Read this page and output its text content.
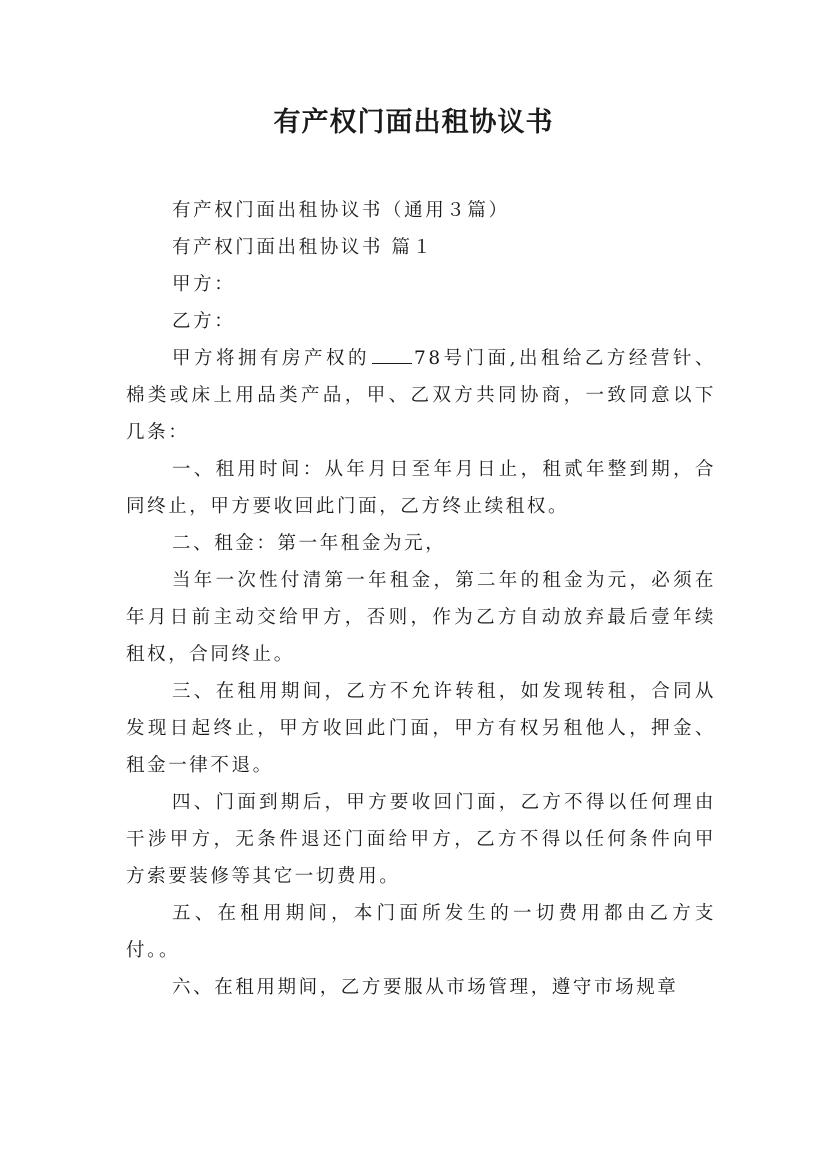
有产权门面出租协议书

有产权门面出租协议书（通用３篇）

有产权门面出租协议书 篇１

甲方：

乙方：

甲方将拥有房产权的 78号门面,出租给乙方经营针、棉类或床上用品类产品，甲、乙双方共同协商，一致同意以下几条：

一、租用时间：从年月日至年月日止，租贰年整到期，合同终止，甲方要收回此门面，乙方终止续租权。

二、租金：第一年租金为元，

当年一次性付清第一年租金，第二年的租金为元，必须在年月日前主动交给甲方，否则，作为乙方自动放弃最后壹年续租权，合同终止。

三、在租用期间，乙方不允许转租，如发现转租，合同从发现日起终止，甲方收回此门面，甲方有权另租他人，押金、租金一律不退。

四、门面到期后，甲方要收回门面，乙方不得以任何理由干涉甲方，无条件退还门面给甲方，乙方不得以任何条件向甲方索要装修等其它一切费用。

五、在租用期间，本门面所发生的一切费用都由乙方支付。。

六、在租用期间，乙方要服从市场管理，遵守市场规章
